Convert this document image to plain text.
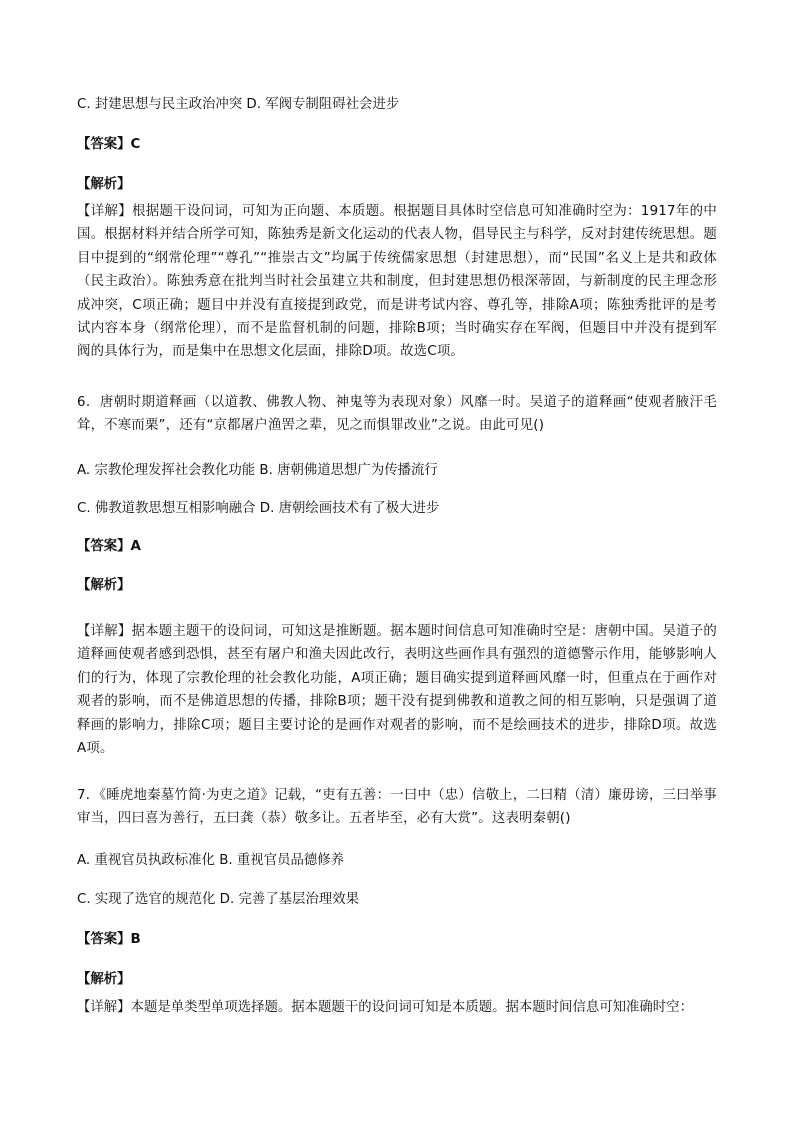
C. 封建思想与民主政治冲突 D. 军阀专制阻碍社会进步
【答案】C
【解析】
【详解】根据题干设问词，可知为正向题、本质题。根据题目具体时空信息可知准确时空为：1917年的中国。根据材料并结合所学可知，陈独秀是新文化运动的代表人物，倡导民主与科学，反对封建传统思想。题目中提到的“纲常伦理”“尊孔”“推崇古文”均属于传统儒家思想（封建思想），而“民国”名义上是共和政体（民主政治）。陈独秀意在批判当时社会虽建立共和制度，但封建思想仍根深蒂固，与新制度的民主理念形成冲突，C项正确；题目中并没有直接提到政党，而是讲考试内容、尊孔等，排除A项；陈独秀批评的是考试内容本身（纲常伦理），而不是监督机制的问题，排除B项；当时确实存在军阀，但题目中并没有提到军阀的具体行为，而是集中在思想文化层面，排除D项。故选C项。
6．唐朝时期道释画（以道教、佛教人物、神鬼等为表现对象）风靡一时。吴道子的道释画“使观者腋汗毛耸，不寒而栗”，还有“京都屠户渔罟之辈，见之而惧罪改业”之说。由此可见()
A. 宗教伦理发挥社会教化功能 B. 唐朝佛道思想广为传播流行
C. 佛教道教思想互相影响融合 D. 唐朝绘画技术有了极大进步
【答案】A
【解析】
【详解】据本题主题干的设问词，可知这是推断题。据本题时间信息可知准确时空是：唐朝中国。吴道子的道释画使观者感到恐惧，甚至有屠户和渔夫因此改行，表明这些画作具有强烈的道德警示作用，能够影响人们的行为，体现了宗教伦理的社会教化功能，A项正确；题目确实提到道释画风靡一时，但重点在于画作对观者的影响，而不是佛道思想的传播，排除B项；题干没有提到佛教和道教之间的相互影响，只是强调了道释画的影响力，排除C项；题目主要讨论的是画作对观者的影响，而不是绘画技术的进步，排除D项。故选A项。
7．《睡虎地秦墓竹简·为吏之道》记载，“吏有五善：一曰中（忠）信敬上，二曰精（清）廉毋谤，三曰举事审当，四曰喜为善行，五曰龚（恭）敬多让。五者毕至，必有大赏”。这表明秦朝()
A. 重视官员执政标准化 B. 重视官员品德修养
C. 实现了选官的规范化 D. 完善了基层治理效果
【答案】B
【解析】
【详解】本题是单类型单项选择题。据本题题干的设问词可知是本质题。据本题时间信息可知准确时空：
